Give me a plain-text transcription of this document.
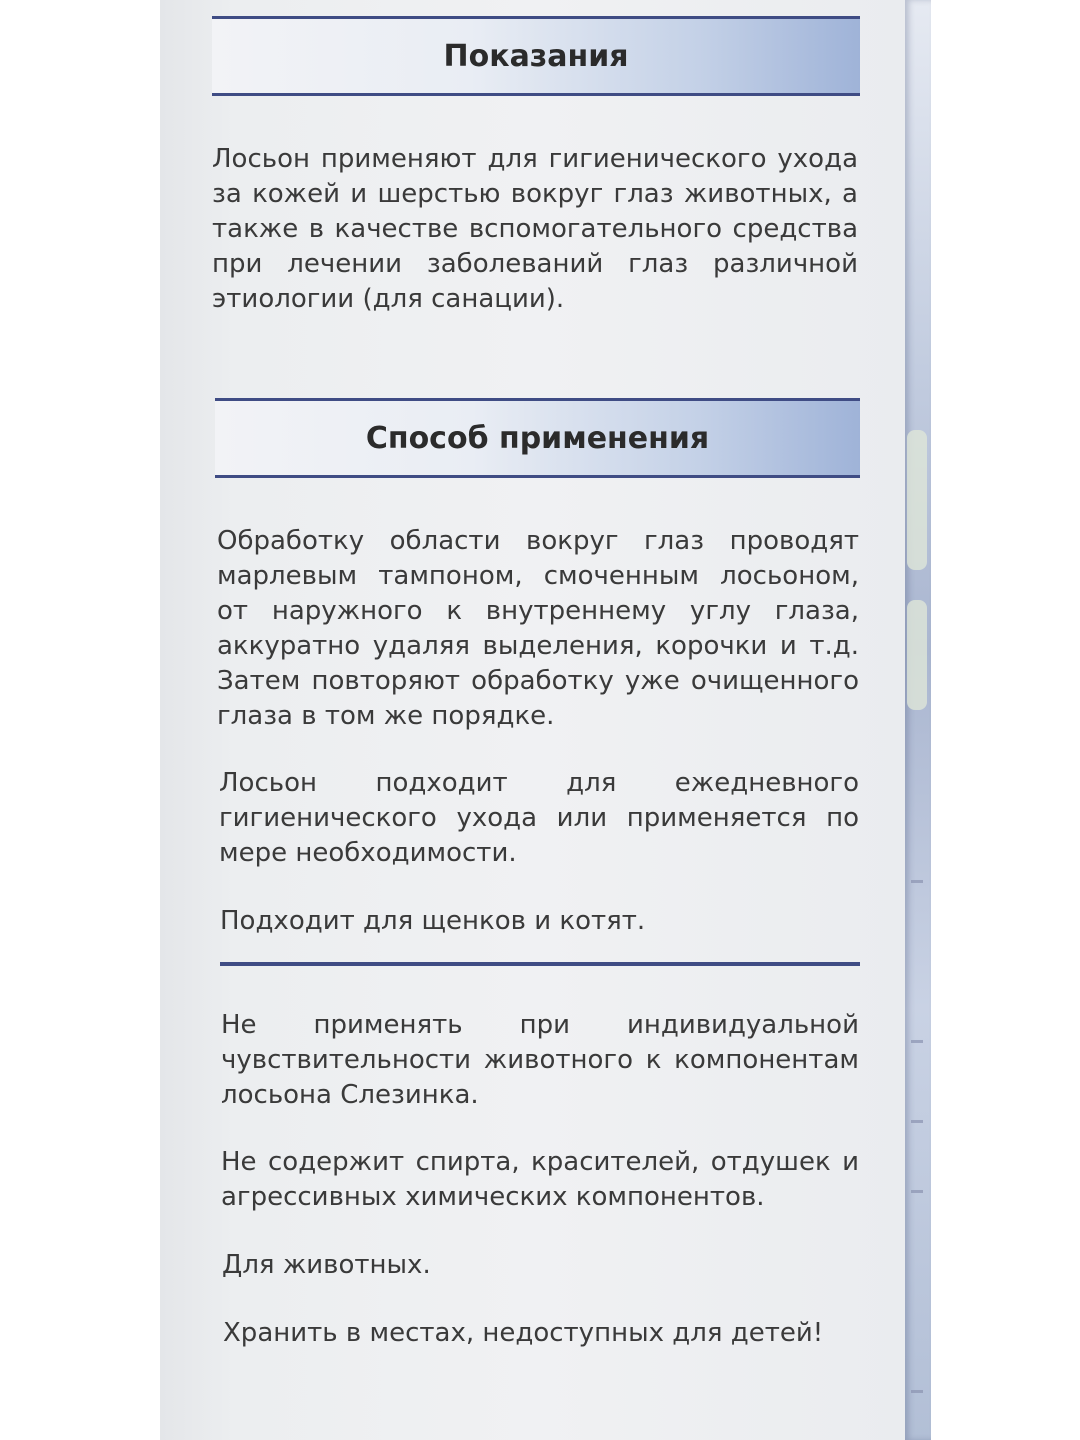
Показания

Лосьон применяют для гигиенического ухода за кожей и шерстью вокруг глаз животных, а также в качестве вспомогательного средства при лечении заболеваний глаз различной этиологии (для санации).

Способ применения

Обработку области вокруг глаз проводят марлевым тампоном, смоченным лосьоном, от наружного к внутреннему углу глаза, аккуратно удаляя выделения, корочки и т.д. Затем повторяют обработку уже очищенного глаза в том же порядке.

Лосьон подходит для ежедневного гигиенического ухода или применяется по мере необходимости.

Подходит для щенков и котят.

Не применять при индивидуальной чувствительности животного к компонентам лосьона Слезинка.

Не содержит спирта, красителей, отдушек и агрессивных химических компонентов.

Для животных.

Хранить в местах, недоступных для детей!
